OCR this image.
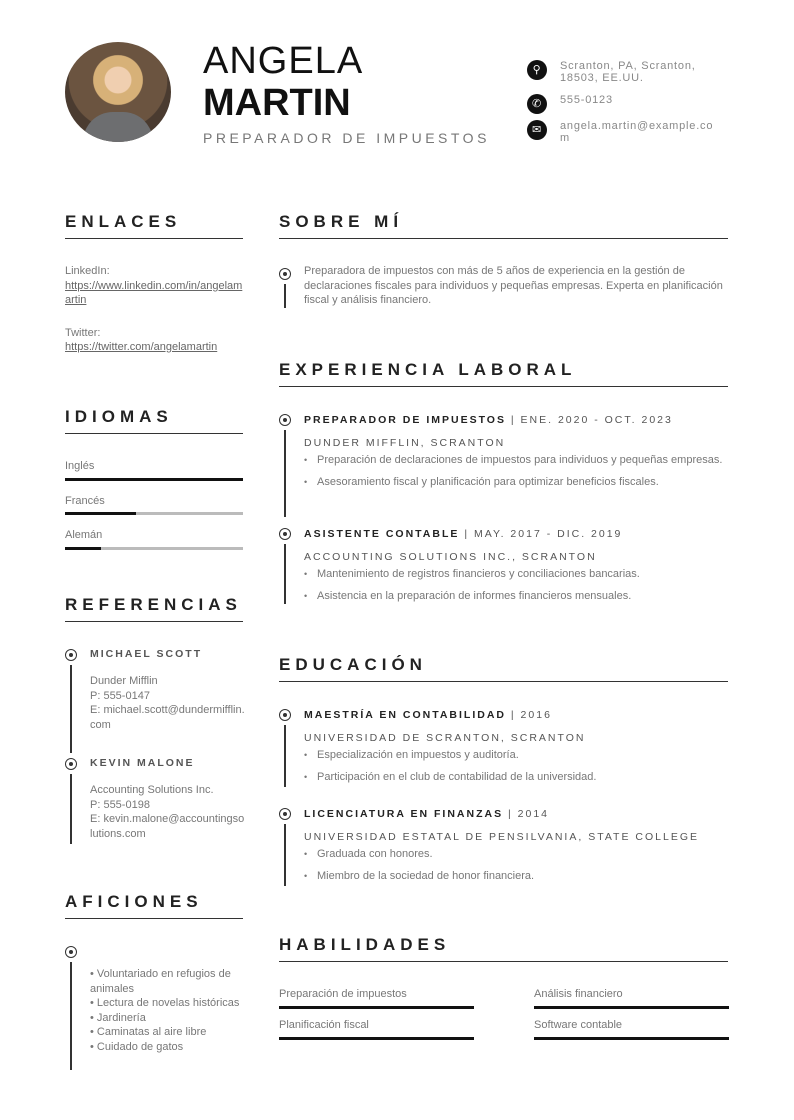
ANGELA
MARTIN
PREPARADOR DE IMPUESTOS
⚲	Scranton, PA, Scranton, 18503, EE.UU.
✆	555-0123
✉	angela.martin@example.com
ENLACES
LinkedIn:
https://www.linkedin.com/in/angelamartin
Twitter:
https://twitter.com/angelamartin
IDIOMAS
Inglés
Francés
Alemán
REFERENCIAS
MICHAEL SCOTT
Dunder Mifflin
P: 555-0147
E: michael.scott@dundermifflin.com
KEVIN MALONE
Accounting Solutions Inc.
P: 555-0198
E: kevin.malone@accountingsolutions.com
AFICIONES
• Voluntariado en refugios de animales
• Lectura de novelas históricas
• Jardinería
• Caminatas al aire libre
• Cuidado de gatos
SOBRE MÍ
Preparadora de impuestos con más de 5 años de experiencia en la gestión de declaraciones fiscales para individuos y pequeñas empresas. Experta en planificación fiscal y análisis financiero.
EXPERIENCIA LABORAL
PREPARADOR DE IMPUESTOS | ENE. 2020 - OCT. 2023
DUNDER MIFFLIN, SCRANTON
• Preparación de declaraciones de impuestos para individuos y pequeñas empresas.
• Asesoramiento fiscal y planificación para optimizar beneficios fiscales.
ASISTENTE CONTABLE | MAY. 2017 - DIC. 2019
ACCOUNTING SOLUTIONS INC., SCRANTON
• Mantenimiento de registros financieros y conciliaciones bancarias.
• Asistencia en la preparación de informes financieros mensuales.
EDUCACIÓN
MAESTRÍA EN CONTABILIDAD | 2016
UNIVERSIDAD DE SCRANTON, SCRANTON
• Especialización en impuestos y auditoría.
• Participación en el club de contabilidad de la universidad.
LICENCIATURA EN FINANZAS | 2014
UNIVERSIDAD ESTATAL DE PENSILVANIA, STATE COLLEGE
• Graduada con honores.
• Miembro de la sociedad de honor financiera.
HABILIDADES
Preparación de impuestos	Análisis financiero
Planificación fiscal	Software contable
